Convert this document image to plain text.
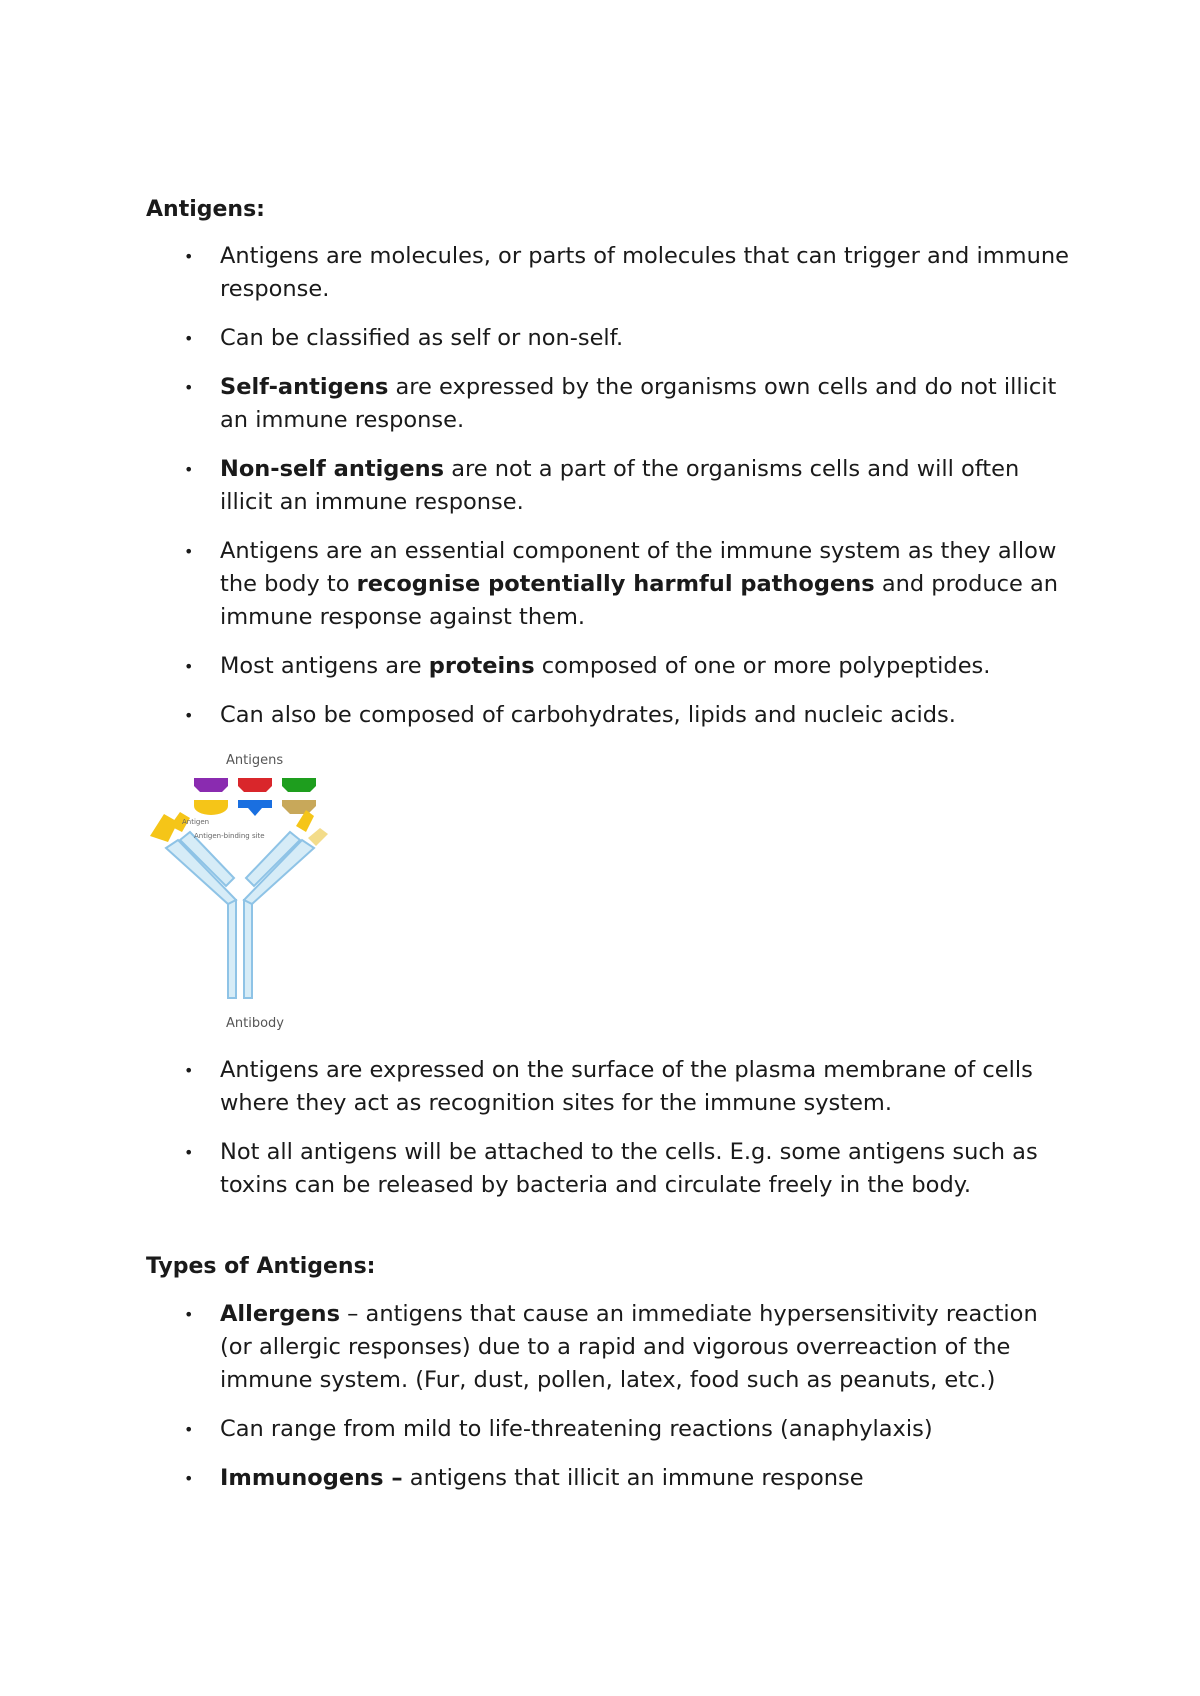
Antigens:
• Antigens are molecules, or parts of molecules that can trigger and immune response.
• Can be classified as self or non-self.
• Self-antigens are expressed by the organisms own cells and do not illicit an immune response.
• Non-self antigens are not a part of the organisms cells and will often illicit an immune response.
• Antigens are an essential component of the immune system as they allow the body to recognise potentially harmful pathogens and produce an immune response against them.
• Most antigens are proteins composed of one or more polypeptides.
• Can also be composed of carbohydrates, lipids and nucleic acids.
Antigens
Antigen
Antigen-binding site
Antibody
• Antigens are expressed on the surface of the plasma membrane of cells where they act as recognition sites for the immune system.
• Not all antigens will be attached to the cells. E.g. some antigens such as toxins can be released by bacteria and circulate freely in the body.
Types of Antigens:
• Allergens – antigens that cause an immediate hypersensitivity reaction (or allergic responses) due to a rapid and vigorous overreaction of the immune system. (Fur, dust, pollen, latex, food such as peanuts, etc.)
• Can range from mild to life-threatening reactions (anaphylaxis)
• Immunogens – antigens that illicit an immune response
